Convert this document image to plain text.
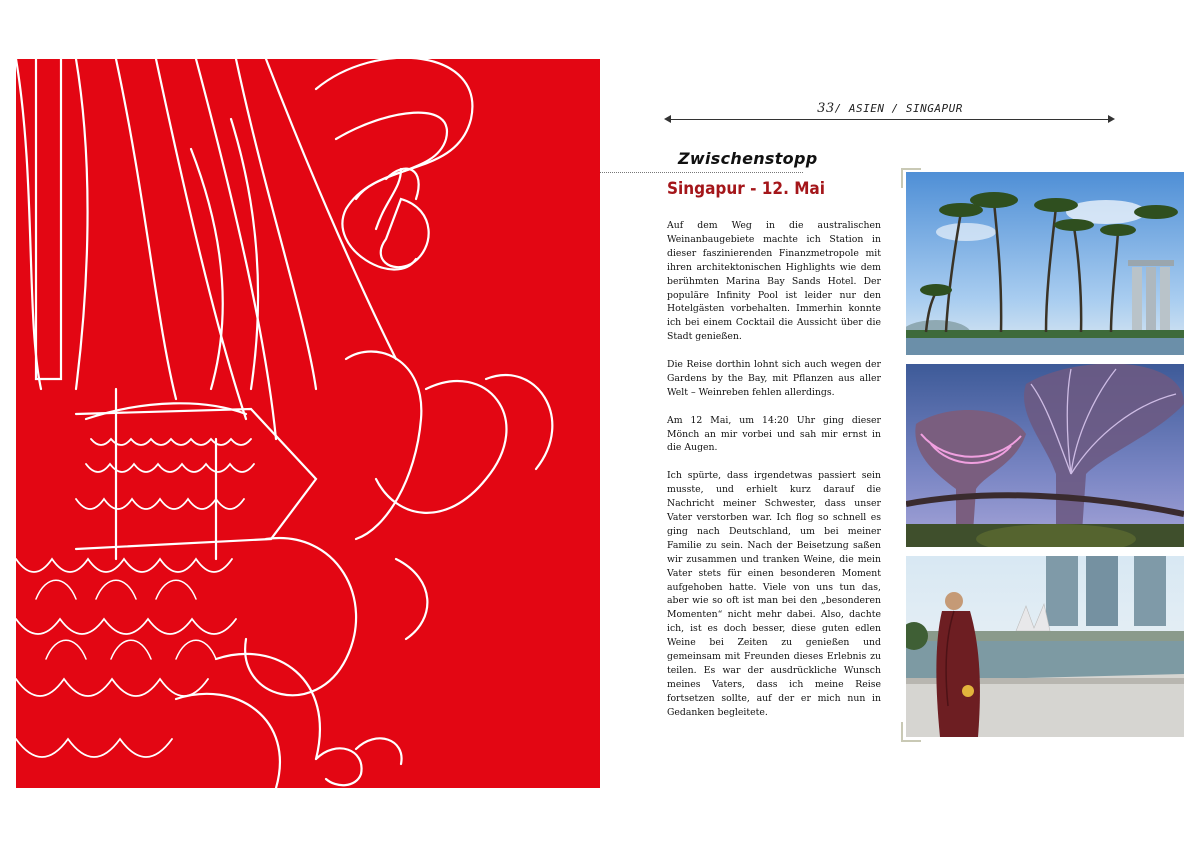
33/ ASIEN / SINGAPUR
Zwischenstopp
Singapur - 12. Mai

Auf dem Weg in die australischen Weinanbaugebiete machte ich Station in dieser faszinierenden Finanzmetropole mit ihren architektonischen Highlights wie dem berühmten Marina Bay Sands Hotel. Der populäre Infinity Pool ist leider nur den Hotelgästen vorbehalten. Immerhin konnte ich bei einem Cocktail die Aussicht über die Stadt genießen.

Die Reise dorthin lohnt sich auch wegen der Gardens by the Bay, mit Pflanzen aus aller Welt – Weinreben fehlen allerdings.

Am 12 Mai, um 14:20 Uhr ging dieser Mönch an mir vorbei und sah mir ernst in die Augen.

Ich spürte, dass irgendetwas passiert sein musste, und erhielt kurz darauf die Nachricht meiner Schwester, dass unser Vater verstorben war. Ich flog so schnell es ging nach Deutschland, um bei meiner Familie zu sein. Nach der Beisetzung saßen wir zusammen und tranken Weine, die mein Vater stets für einen besonderen Moment aufgehoben hatte. Viele von uns tun das, aber wie so oft ist man bei den „besonderen Momenten“ nicht mehr dabei. Also, dachte ich, ist es doch besser, diese guten edlen Weine bei Zeiten zu genießen und gemeinsam mit Freunden dieses Erlebnis zu teilen. Es war der ausdrückliche Wunsch meines Vaters, dass ich meine Reise fortsetzen sollte, auf der er mich nun in Gedanken begleitete.
